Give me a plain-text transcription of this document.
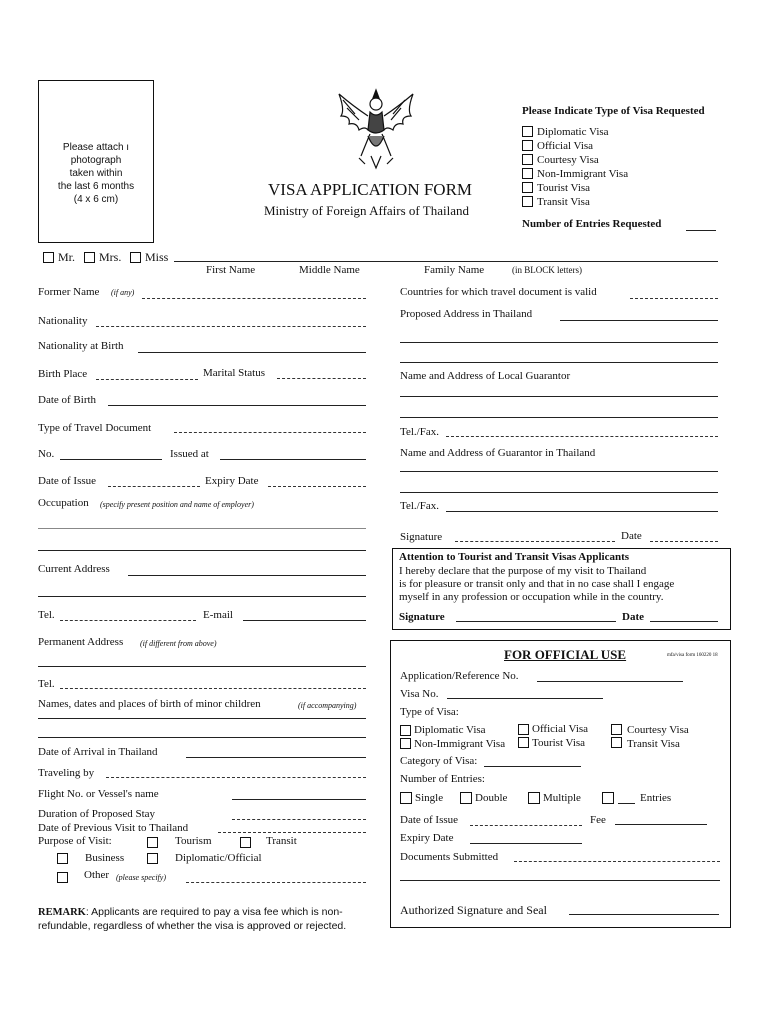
Please attach ı
photograph
taken within
the last 6 months
(4 x 6 cm)
VISA APPLICATION FORM
Ministry of Foreign Affairs of Thailand
Please Indicate Type of Visa Requested
Diplomatic Visa
Official Visa
Courtesy Visa
Non-Immigrant Visa
Tourist Visa
Transit Visa
Number of Entries Requested
Mr. Mrs. Miss
First Name	Middle Name	Family Name	(in BLOCK letters)
Former Name (if any)
Nationality
Nationality at Birth
Birth Place	Marital Status
Date of Birth
Type of Travel Document
No.	Issued at
Date of Issue	Expiry Date
Occupation (specify present position and name of employer)
Current Address
Tel.	E-mail
Permanent Address (if different from above)
Tel.
Names, dates and places of birth of minor children	(if accompanying)
Date of Arrival in Thailand
Traveling by
Flight No. or Vessel's name
Duration of Proposed Stay
Date of Previous Visit to Thailand
Purpose of Visit:	Tourism	Transit
Business	Diplomatic/Official
Other (please specify)
REMARK: Applicants are required to pay a visa fee which is non-
refundable, regardless of whether the visa is approved or rejected.
Countries for which travel document is valid
Proposed Address in Thailand
Name and Address of Local Guarantor
Tel./Fax.
Name and Address of Guarantor in Thailand
Tel./Fax.
Signature	Date
Attention to Tourist and Transit Visas Applicants
I hereby declare that the purpose of my visit to Thailand
is for pleasure or transit only and that in no case shall I engage
myself in any profession or occupation while in the country.
Signature	Date
FOR OFFICIAL USE	mfa/visa form 160220 18
Application/Reference No.
Visa No.
Type of Visa:
Diplomatic Visa	Official Visa	Courtesy Visa
Non-Immigrant Visa Tourist Visa	Transit Visa
Category of Visa:
Number of Entries:
Single	Double	Multiple	Entries
Date of Issue	Fee
Expiry Date
Documents Submitted
Authorized Signature and Seal
